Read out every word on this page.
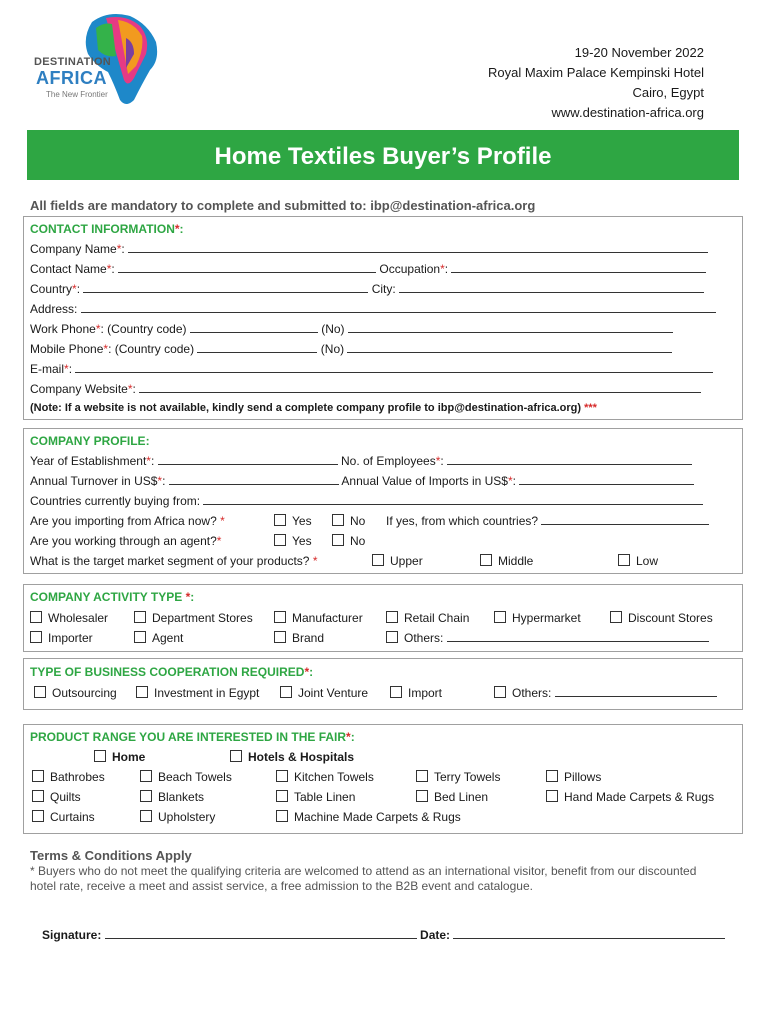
DESTINATION
AFRICA
The New Frontier
19-20 November 2022
Royal Maxim Palace Kempinski Hotel
Cairo, Egypt
www.destination-africa.org
Home Textiles Buyer’s Profile
All fields are mandatory to complete and submitted to: ibp@destination-africa.org
CONTACT INFORMATION*:
Company Name*:
Contact Name*:	Occupation*:
Country*:	City:
Address:
Work Phone*: (Country code)	(No)
Mobile Phone*: (Country code)	(No)
E-mail*:
Company Website*:
(Note: If a website is not available, kindly send a complete company profile to ibp@destination-africa.org) ***
COMPANY PROFILE:
Year of Establishment*:	No. of Employees*:
Annual Turnover in US$*:	Annual Value of Imports in US$*:
Countries currently buying from:
Are you importing from Africa now? *	Yes	No If yes, from which countries?
Are you working through an agent?*	Yes	No
What is the target market segment of your products? *	Upper	Middle	Low
COMPANY ACTIVITY TYPE *:
Wholesaler	Department Stores	Manufacturer	Retail Chain	Hypermarket	Discount Stores
Importer	Agent	Brand	Others:
TYPE OF BUSINESS COOPERATION REQUIRED*:
Outsourcing	Investment in Egypt	Joint Venture	Import	Others:
PRODUCT RANGE YOU ARE INTERESTED IN THE FAIR*:
Home	Hotels & Hospitals
Bathrobes	Beach Towels	Kitchen Towels	Terry Towels	Pillows
Quilts	Blankets	Table Linen	Bed Linen	Hand Made Carpets & Rugs
Curtains	Upholstery	Machine Made Carpets & Rugs
Terms & Conditions Apply
* Buyers who do not meet the qualifying criteria are welcomed to attend as an international visitor, benefit from our discounted hotel rate, receive a meet and assist service, a free admission to the B2B event and catalogue.
Signature:	Date:
